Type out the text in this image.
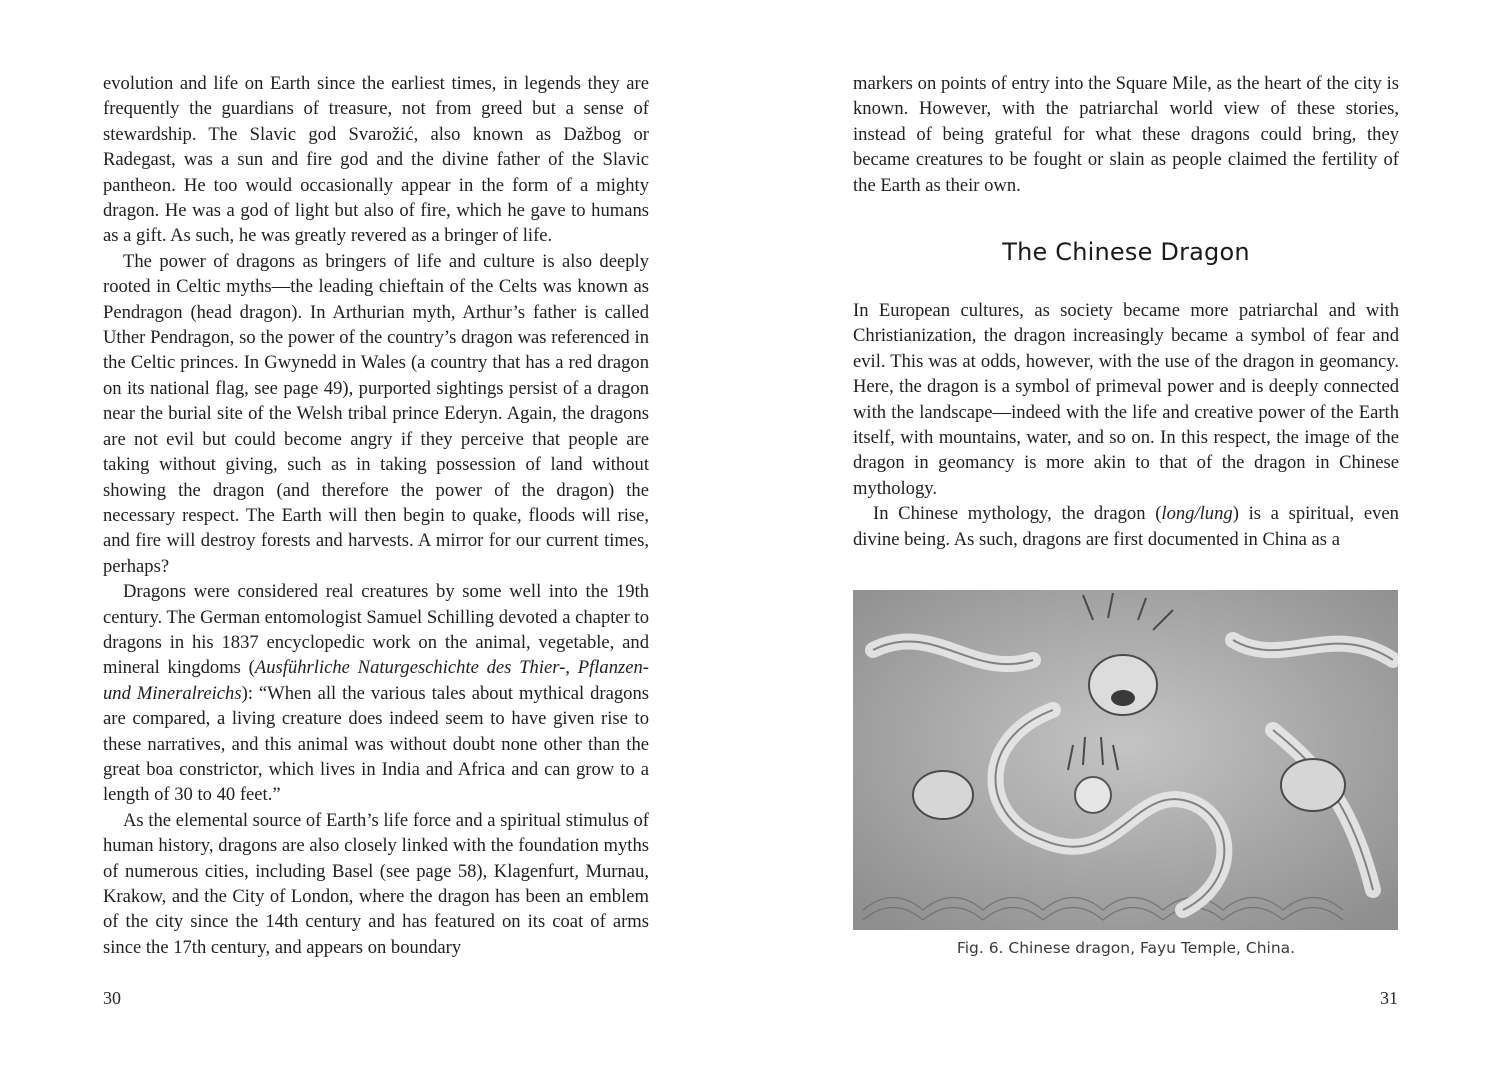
evolution and life on Earth since the earliest times, in legends they are frequently the guardians of treasure, not from greed but a sense of stewardship. The Slavic god Svarožić, also known as Dažbog or Radegast, was a sun and fire god and the divine father of the Slavic pantheon. He too would occasionally appear in the form of a mighty dragon. He was a god of light but also of fire, which he gave to humans as a gift. As such, he was greatly revered as a bringer of life.

The power of dragons as bringers of life and culture is also deeply rooted in Celtic myths—the leading chieftain of the Celts was known as Pendragon (head dragon). In Arthurian myth, Arthur’s father is called Uther Pendragon, so the power of the country’s dragon was referenced in the Celtic princes. In Gwynedd in Wales (a country that has a red dragon on its national flag, see page 49), purported sightings persist of a dragon near the burial site of the Welsh tribal prince Ederyn. Again, the dragons are not evil but could become angry if they perceive that people are taking without giving, such as in taking possession of land without showing the dragon (and therefore the power of the dragon) the necessary respect. The Earth will then begin to quake, floods will rise, and fire will destroy forests and harvests. A mirror for our current times, perhaps?

Dragons were considered real creatures by some well into the 19th century. The German entomologist Samuel Schilling devoted a chapter to dragons in his 1837 encyclopedic work on the animal, vegetable, and mineral kingdoms (Ausführliche Naturgeschichte des Thier-, Pflanzen- und Mineralreichs): “When all the various tales about mythical dragons are compared, a living creature does indeed seem to have given rise to these narratives, and this animal was without doubt none other than the great boa constrictor, which lives in India and Africa and can grow to a length of 30 to 40 feet.”

As the elemental source of Earth’s life force and a spiritual stimulus of human history, dragons are also closely linked with the foundation myths of numerous cities, including Basel (see page 58), Klagenfurt, Murnau, Krakow, and the City of London, where the dragon has been an emblem of the city since the 14th century and has featured on its coat of arms since the 17th century, and appears on boundary

30

markers on points of entry into the Square Mile, as the heart of the city is known. However, with the patriarchal world view of these stories, instead of being grateful for what these dragons could bring, they became creatures to be fought or slain as people claimed the fertility of the Earth as their own.

The Chinese Dragon

In European cultures, as society became more patriarchal and with Christianization, the dragon increasingly became a symbol of fear and evil. This was at odds, however, with the use of the dragon in geomancy. Here, the dragon is a symbol of primeval power and is deeply connected with the landscape—indeed with the life and creative power of the Earth itself, with mountains, water, and so on. In this respect, the image of the dragon in geomancy is more akin to that of the dragon in Chinese mythology.

In Chinese mythology, the dragon (long/lung) is a spiritual, even divine being. As such, dragons are first documented in China as a

Fig. 6. Chinese dragon, Fayu Temple, China.
31
